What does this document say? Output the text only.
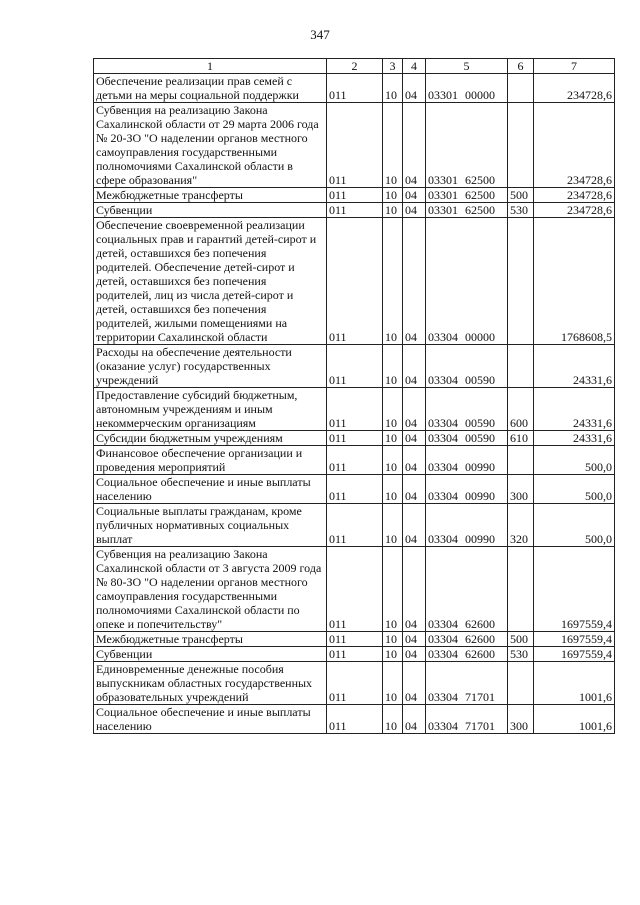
347
1	2	3	4	5	6	7
Обеспечение реализации прав семей с детьми на меры социальной поддержки	011	10	04	03301 00000		234728,6
Субвенция на реализацию Закона Сахалинской области от 29 марта 2006 года № 20-ЗО "О наделении органов местного самоуправления государственными полномочиями Сахалинской области в сфере образования"	011	10	04	03301 62500		234728,6
Межбюджетные трансферты	011	10	04	03301 62500	500	234728,6
Субвенции	011	10	04	03301 62500	530	234728,6
Обеспечение своевременной реализации социальных прав и гарантий детей-сирот и детей, оставшихся без попечения родителей. Обеспечение детей-сирот и детей, оставшихся без попечения родителей, лиц из числа детей-сирот и детей, оставшихся без попечения родителей, жилыми помещениями на территории Сахалинской области	011	10	04	03304 00000		1768608,5
Расходы на обеспечение деятельности (оказание услуг) государственных учреждений	011	10	04	03304 00590		24331,6
Предоставление субсидий бюджетным, автономным учреждениям и иным некоммерческим организациям	011	10	04	03304 00590	600	24331,6
Субсидии бюджетным учреждениям	011	10	04	03304 00590	610	24331,6
Финансовое обеспечение организации и проведения мероприятий	011	10	04	03304 00990		500,0
Социальное обеспечение и иные выплаты населению	011	10	04	03304 00990	300	500,0
Социальные выплаты гражданам, кроме публичных нормативных социальных выплат	011	10	04	03304 00990	320	500,0
Субвенция на реализацию Закона Сахалинской области от 3 августа 2009 года № 80-ЗО "О наделении органов местного самоуправления государственными полномочиями Сахалинской области по опеке и попечительству"	011	10	04	03304 62600		1697559,4
Межбюджетные трансферты	011	10	04	03304 62600	500	1697559,4
Субвенции	011	10	04	03304 62600	530	1697559,4
Единовременные денежные пособия выпускникам областных государственных образовательных учреждений	011	10	04	03304 71701		1001,6
Социальное обеспечение и иные выплаты населению	011	10	04	03304 71701	300	1001,6
